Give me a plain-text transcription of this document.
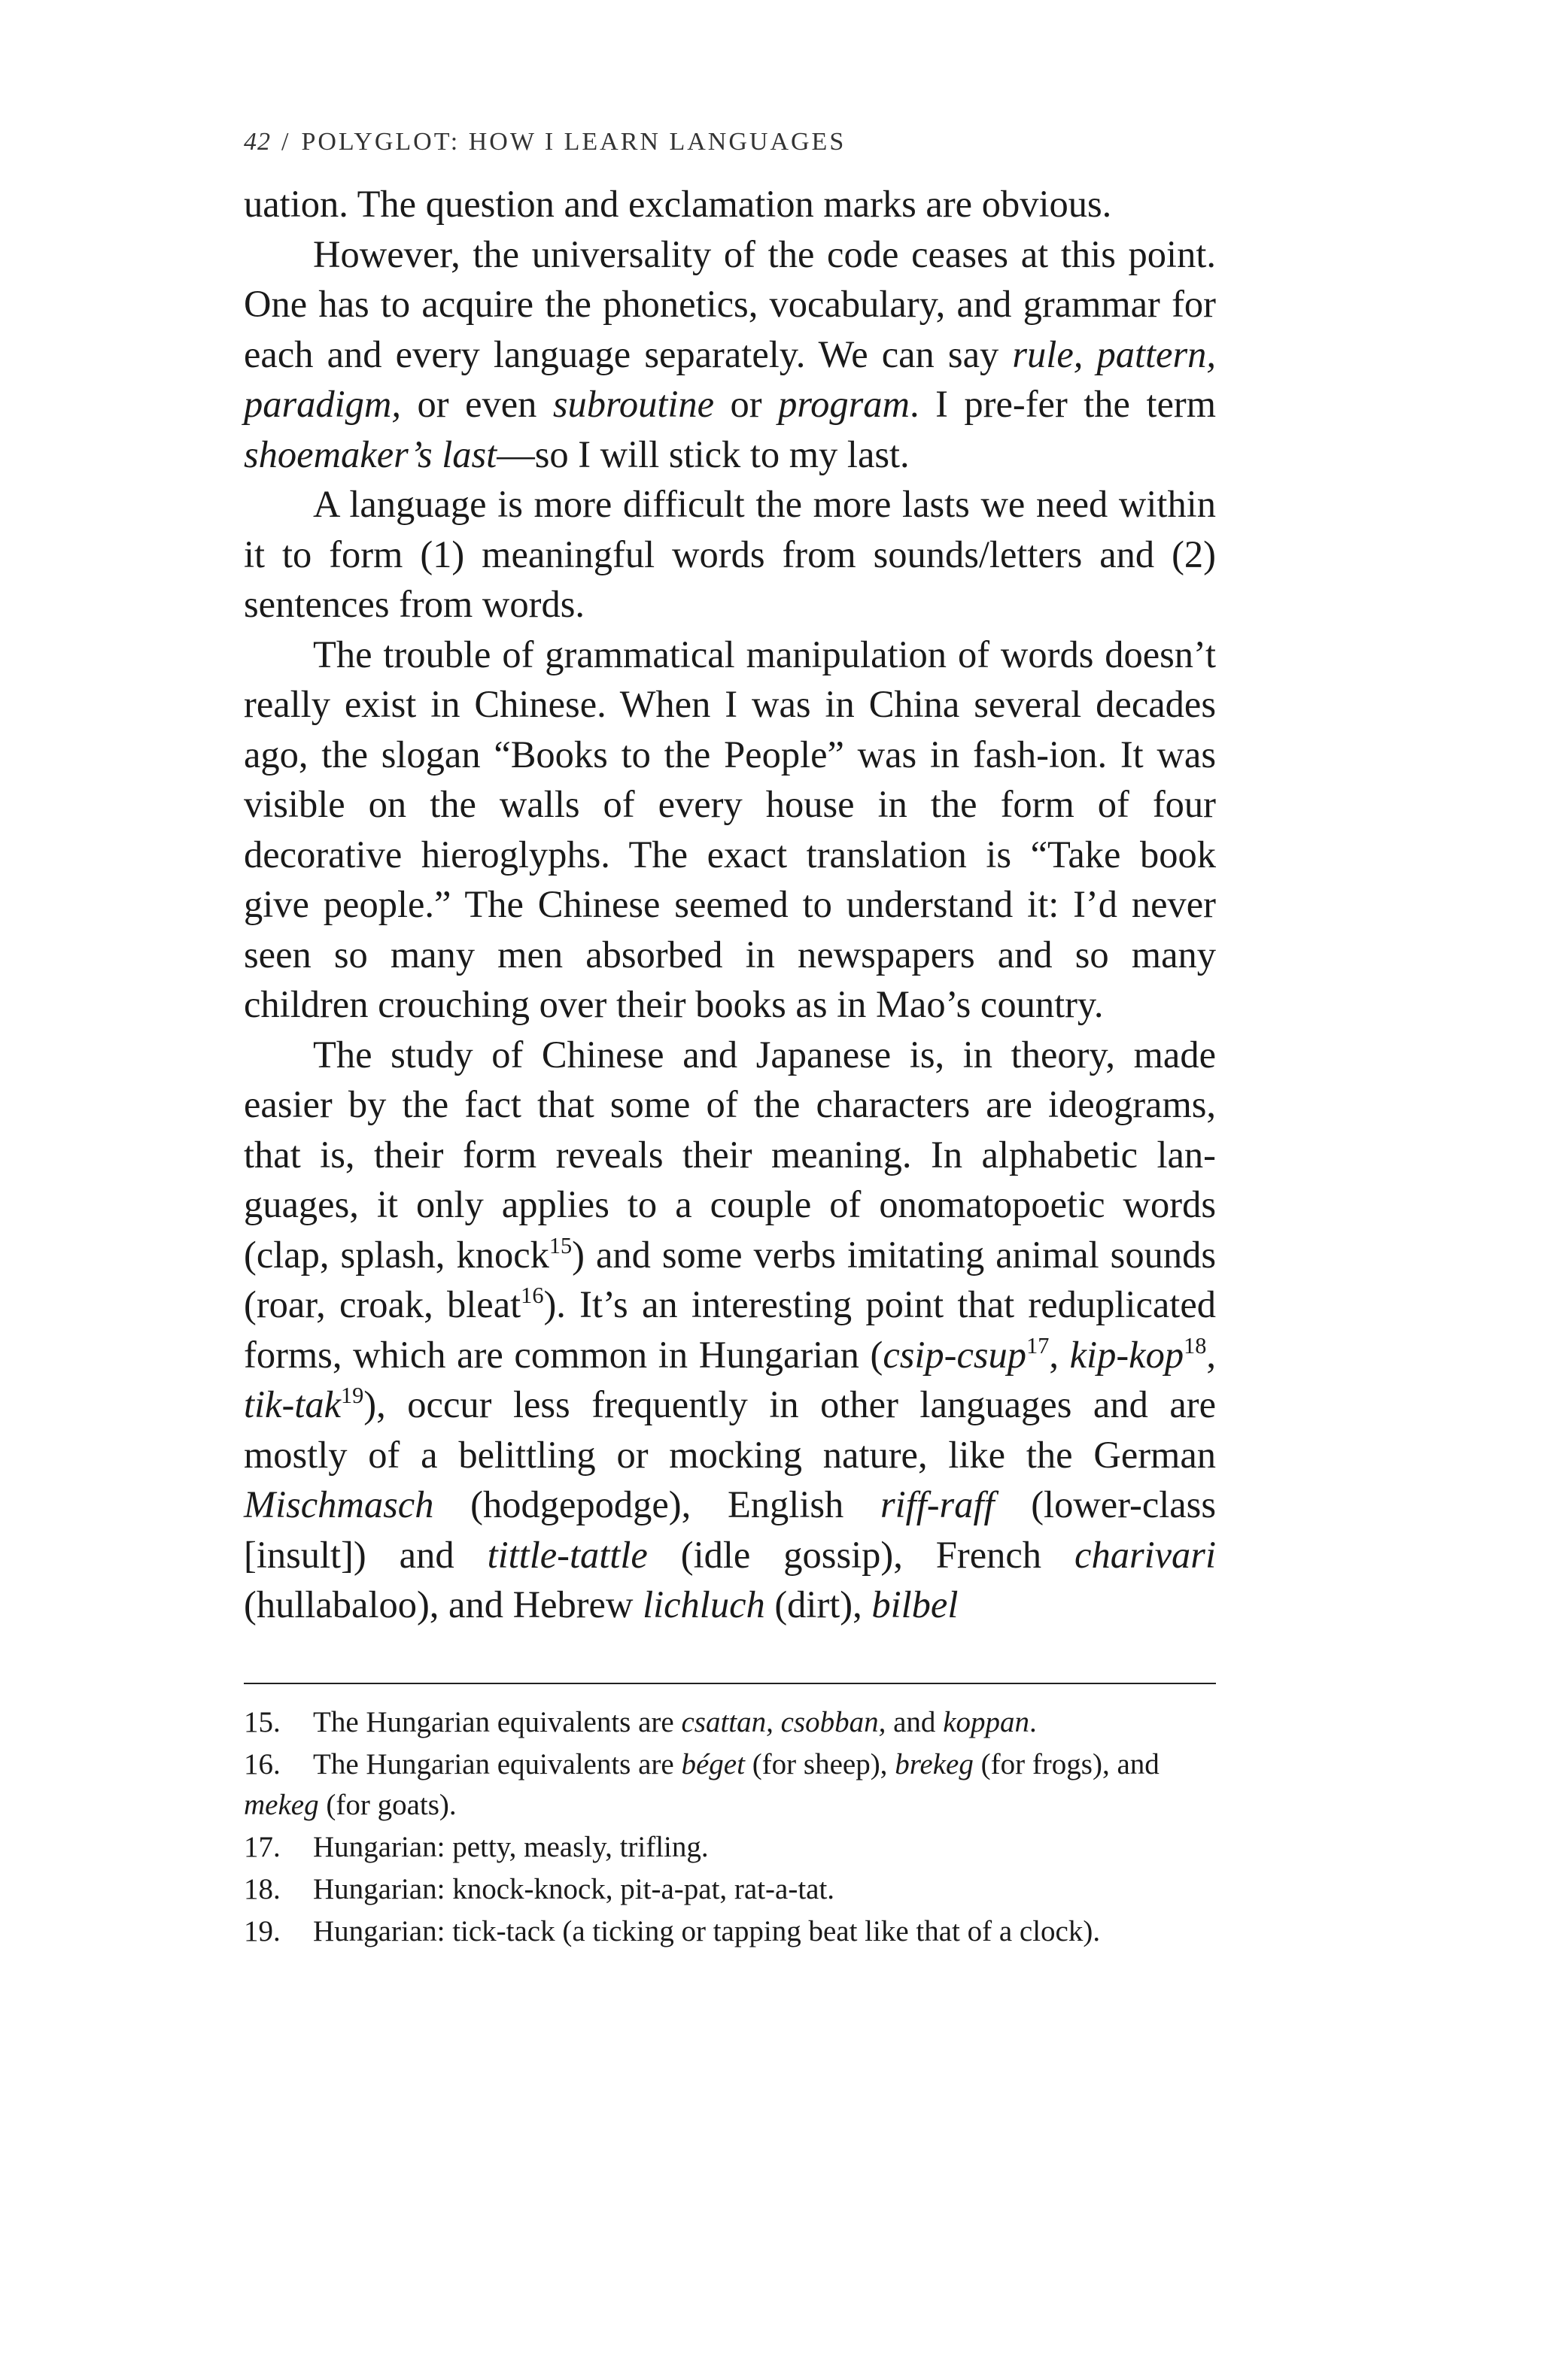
42 / POLYGLOT: HOW I LEARN LANGUAGES

uation. The question and exclamation marks are obvious.

However, the universality of the code ceases at this point. One has to acquire the phonetics, vocabulary, and grammar for each and every language separately. We can say rule, pattern, paradigm, or even subroutine or program. I pre-fer the term shoemaker’s last—so I will stick to my last.

A language is more difficult the more lasts we need within it to form (1) meaningful words from sounds/letters and (2) sentences from words.

The trouble of grammatical manipulation of words doesn’t really exist in Chinese. When I was in China several decades ago, the slogan “Books to the People” was in fash-ion. It was visible on the walls of every house in the form of four decorative hieroglyphs. The exact translation is “Take book give people.” The Chinese seemed to understand it: I’d never seen so many men absorbed in newspapers and so many children crouching over their books as in Mao’s country.

The study of Chinese and Japanese is, in theory, made easier by the fact that some of the characters are ideograms, that is, their form reveals their meaning. In alphabetic lan-guages, it only applies to a couple of onomatopoetic words (clap, splash, knock$^{15}$) and some verbs imitating animal sounds (roar, croak, bleat$^{16}$). It’s an interesting point that reduplicated forms, which are common in Hungarian (csip-csup$^{17}$, kip-kop$^{18}$, tik-tak$^{19}$), occur less frequently in other languages and are mostly of a belittling or mocking nature, like the German Mischmasch (hodgepodge), English riff-raff (lower-class [insult]) and tittle-tattle (idle gossip), French charivari (hullabaloo), and Hebrew lichluch (dirt), bilbel

15. The Hungarian equivalents are csattan, csobban, and koppan.
16. The Hungarian equivalents are béget (for sheep), brekeg (for frogs), and mekeg (for goats).
17. Hungarian: petty, measly, trifling.
18. Hungarian: knock-knock, pit-a-pat, rat-a-tat.
19. Hungarian: tick-tack (a ticking or tapping beat like that of a clock).
